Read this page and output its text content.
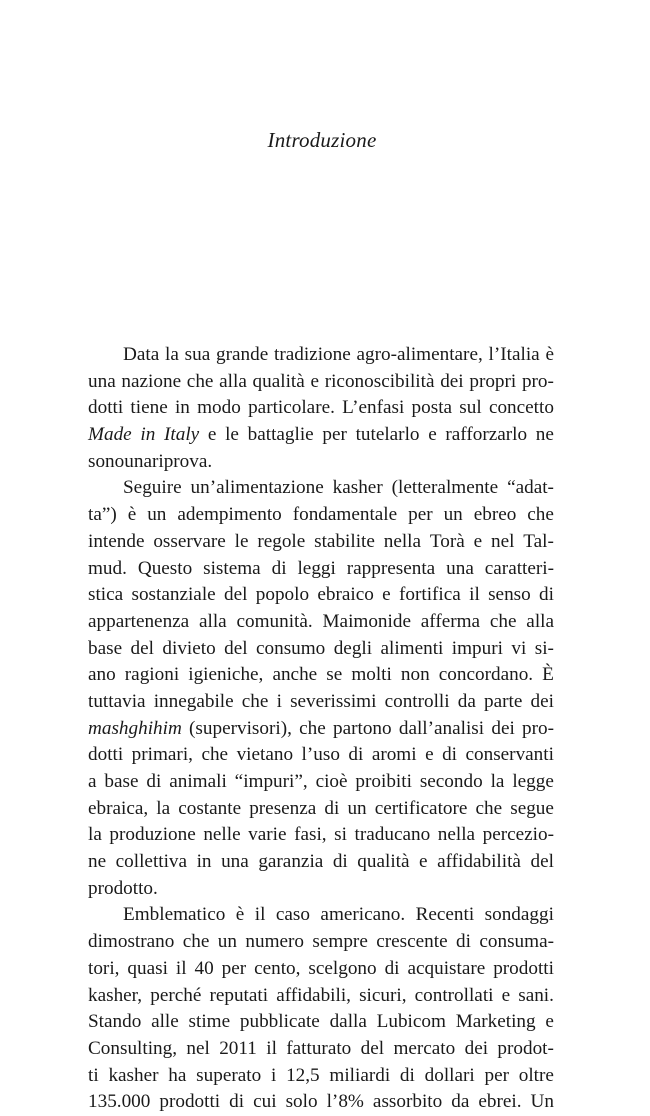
Introduzione
Data la sua grande tradizione agro-alimentare, l’Italia è
una nazione che alla qualità e riconoscibilità dei propri pro-
dotti tiene in modo particolare. L’enfasi posta sul concetto
Made in Italy e le battaglie per tutelarlo e rafforzarlo ne
sono una riprova.
Seguire un’alimentazione kasher (letteralmente “adat-
ta”) è un adempimento fondamentale per un ebreo che
intende osservare le regole stabilite nella Torà e nel Tal-
mud. Questo sistema di leggi rappresenta una caratteri-
stica sostanziale del popolo ebraico e fortifica il senso di
appartenenza alla comunità. Maimonide afferma che alla
base del divieto del consumo degli alimenti impuri vi si-
ano ragioni igieniche, anche se molti non concordano. È
tuttavia innegabile che i severissimi controlli da parte dei
mashghihim (supervisori), che partono dall’analisi dei pro-
dotti primari, che vietano l’uso di aromi e di conservanti
a base di animali “impuri”, cioè proibiti secondo la legge
ebraica, la costante presenza di un certificatore che segue
la produzione nelle varie fasi, si traducano nella percezio-
ne collettiva in una garanzia di qualità e affidabilità del
prodotto.
Emblematico è il caso americano. Recenti sondaggi
dimostrano che un numero sempre crescente di consuma-
tori, quasi il 40 per cento, scelgono di acquistare prodotti
kasher, perché reputati affidabili, sicuri, controllati e sani.
Stando alle stime pubblicate dalla Lubicom Marketing e
Consulting, nel 2011 il fatturato del mercato dei prodot-
ti kasher ha superato i 12,5 miliardi di dollari per oltre
135.000 prodotti di cui solo l’8% assorbito da ebrei. Un
